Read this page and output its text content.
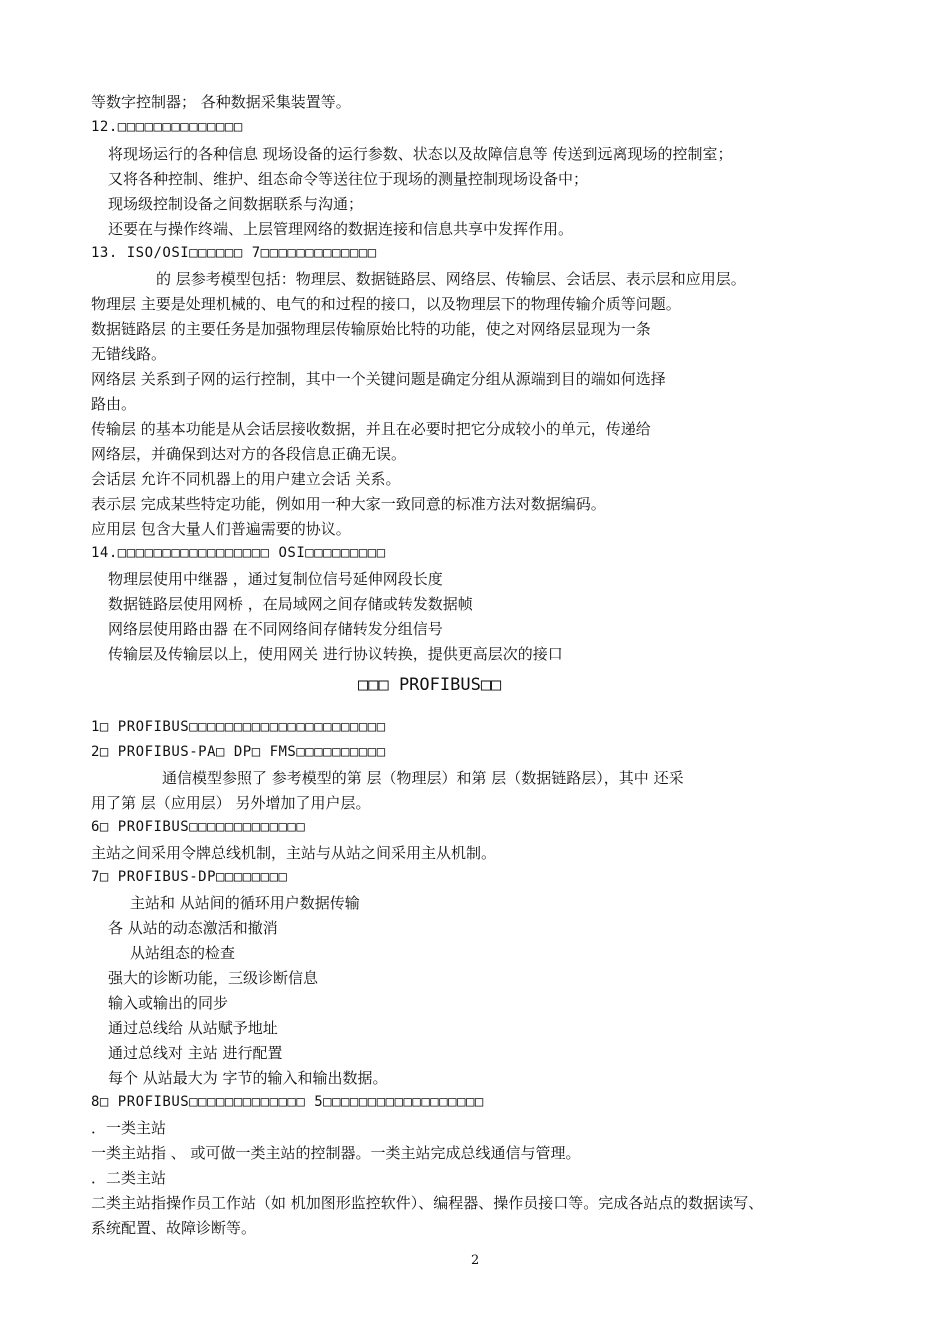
□□□ PROFIBUS□□
2
等数字控制器； 各种数据采集装置等。
12.□□□□□□□□□□□□□□
将现场运行的各种信息 现场设备的运行参数、状态以及故障信息等 传送到远离现场的控制室；
又将各种控制、维护、组态命令等送往位于现场的测量控制现场设备中；
现场级控制设备之间数据联系与沟通；
还要在与操作终端、上层管理网络的数据连接和信息共享中发挥作用。
13. ISO/OSI□□□□□□ 7□□□□□□□□□□□□□
的 层参考模型包括：物理层、数据链路层、网络层、传输层、会话层、表示层和应用层。
物理层 主要是处理机械的、电气的和过程的接口，以及物理层下的物理传输介质等问题。
数据链路层 的主要任务是加强物理层传输原始比特的功能，使之对网络层显现为一条
无错线路。
网络层 关系到子网的运行控制，其中一个关键问题是确定分组从源端到目的端如何选择
路由。
传输层 的基本功能是从会话层接收数据，并且在必要时把它分成较小的单元，传递给
网络层，并确保到达对方的各段信息正确无误。
会话层 允许不同机器上的用户建立会话 关系。
表示层 完成某些特定功能，例如用一种大家一致同意的标准方法对数据编码。
应用层 包含大量人们普遍需要的协议。
14.□□□□□□□□□□□□□□□□□ OSI□□□□□□□□□
物理层使用中继器 ，通过复制位信号延伸网段长度
数据链路层使用网桥 ，在局域网之间存储或转发数据帧
网络层使用路由器 在不同网络间存储转发分组信号
传输层及传输层以上，使用网关 进行协议转换，提供更高层次的接口
1□ PROFIBUS□□□□□□□□□□□□□□□□□□□□□□
2□ PROFIBUS-PA□ DP□ FMS□□□□□□□□□□
通信模型参照了 参考模型的第 层（物理层）和第 层（数据链路层），其中 还采
用了第 层（应用层） 另外增加了用户层。
6□ PROFIBUS□□□□□□□□□□□□□
主站之间采用令牌总线机制，主站与从站之间采用主从机制。
7□ PROFIBUS-DP□□□□□□□□
主站和 从站间的循环用户数据传输
各 从站的动态激活和撤消
从站组态的检查
强大的诊断功能，三级诊断信息
输入或输出的同步
通过总线给 从站赋予地址
通过总线对 主站 进行配置
每个 从站最大为 字节的输入和输出数据。
8□ PROFIBUS□□□□□□□□□□□□□ 5□□□□□□□□□□□□□□□□□□
．一类主站
一类主站指 、 或可做一类主站的控制器。一类主站完成总线通信与管理。
．二类主站
二类主站指操作员工作站（如 机加图形监控软件）、编程器、操作员接口等。完成各站点的数据读写、
系统配置、故障诊断等。
